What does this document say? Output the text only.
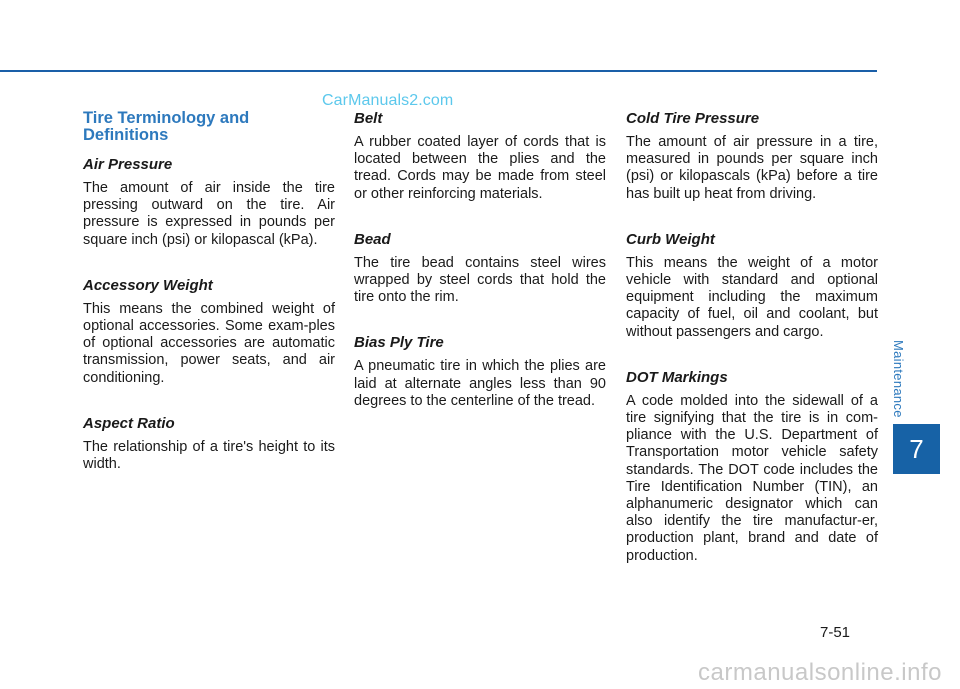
CarManuals2.com
Tire Terminology and Definitions
Air Pressure

The amount of air inside the tire pressing outward on the tire. Air pressure is expressed in pounds per square inch (psi) or kilopascal (kPa).

Accessory Weight

This means the combined weight of optional accessories. Some exam-ples of optional accessories are automatic transmission, power seats, and air conditioning.

Aspect Ratio

The relationship of a tire's height to its width.

Belt

A rubber coated layer of cords that is located between the plies and the tread. Cords may be made from steel or other reinforcing materials.

Bead

The tire bead contains steel wires wrapped by steel cords that hold the tire onto the rim.

Bias Ply Tire

A pneumatic tire in which the plies are laid at alternate angles less than 90 degrees to the centerline of the tread.

Cold Tire Pressure

The amount of air pressure in a tire, measured in pounds per square inch (psi) or kilopascals (kPa) before a tire has built up heat from driving.

Curb Weight

This means the weight of a motor vehicle with standard and optional equipment including the maximum capacity of fuel, oil and coolant, but without passengers and cargo.

DOT Markings

A code molded into the sidewall of a tire signifying that the tire is in com-pliance with the U.S. Department of Transportation motor vehicle safety standards. The DOT code includes the Tire Identification Number (TIN), an alphanumeric designator which can also identify the tire manufactur-er, production plant, brand and date of production.

Maintenance
7
7-51
carmanualsonline.info
